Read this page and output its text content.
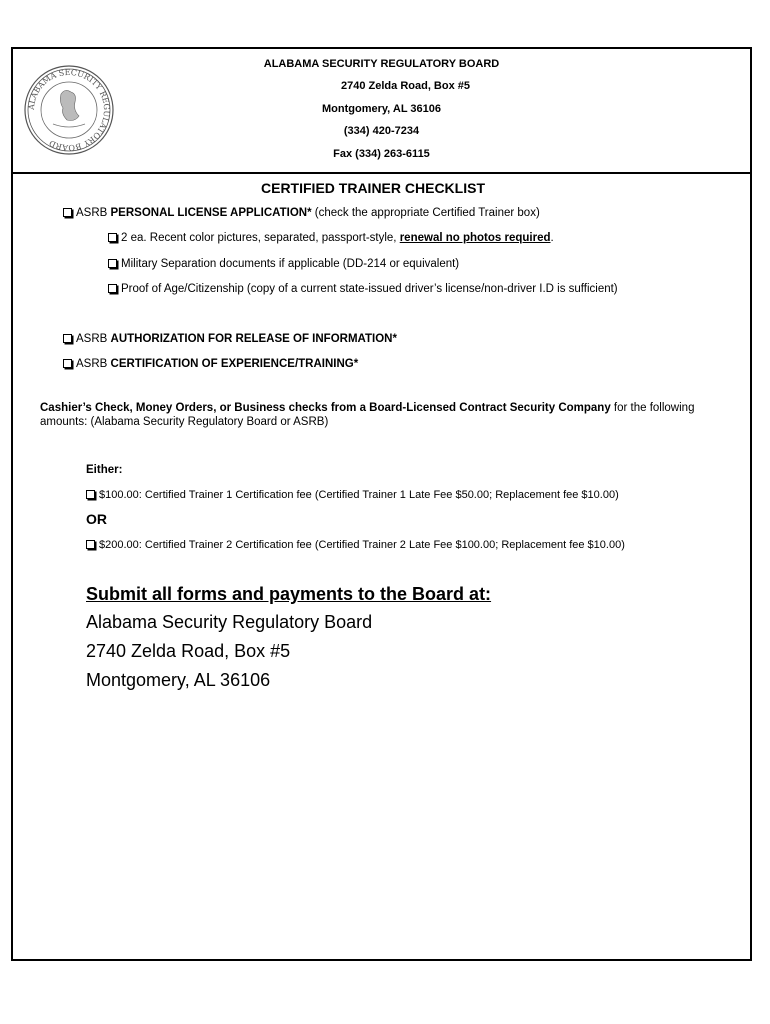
ALABAMA SECURITY REGULATORY BOARD
ALABAMA SECURITY REGULATORY BOARD
2740 Zelda Road, Box #5
Montgomery, AL 36106
(334) 420-7234
Fax (334) 263-6115
CERTIFIED TRAINER CHECKLIST
ASRB PERSONAL LICENSE APPLICATION* (check the appropriate Certified Trainer box)
2 ea. Recent color pictures, separated, passport-style, renewal no photos required.
Military Separation documents if applicable (DD-214 or equivalent)
Proof of Age/Citizenship (copy of a current state-issued driver’s license/non-driver I.D is sufficient)
ASRB AUTHORIZATION FOR RELEASE OF INFORMATION*
ASRB CERTIFICATION OF EXPERIENCE/TRAINING*
Cashier’s Check, Money Orders, or Business checks from a Board-Licensed Contract Security Company for the following amounts: (Alabama Security Regulatory Board or ASRB)
Either:
$100.00: Certified Trainer 1 Certification fee (Certified Trainer 1 Late Fee $50.00; Replacement fee $10.00)
OR
$200.00: Certified Trainer 2 Certification fee (Certified Trainer 2 Late Fee $100.00; Replacement fee $10.00)
Submit all forms and payments to the Board at:
Alabama Security Regulatory Board
2740 Zelda Road, Box #5
Montgomery, AL 36106
